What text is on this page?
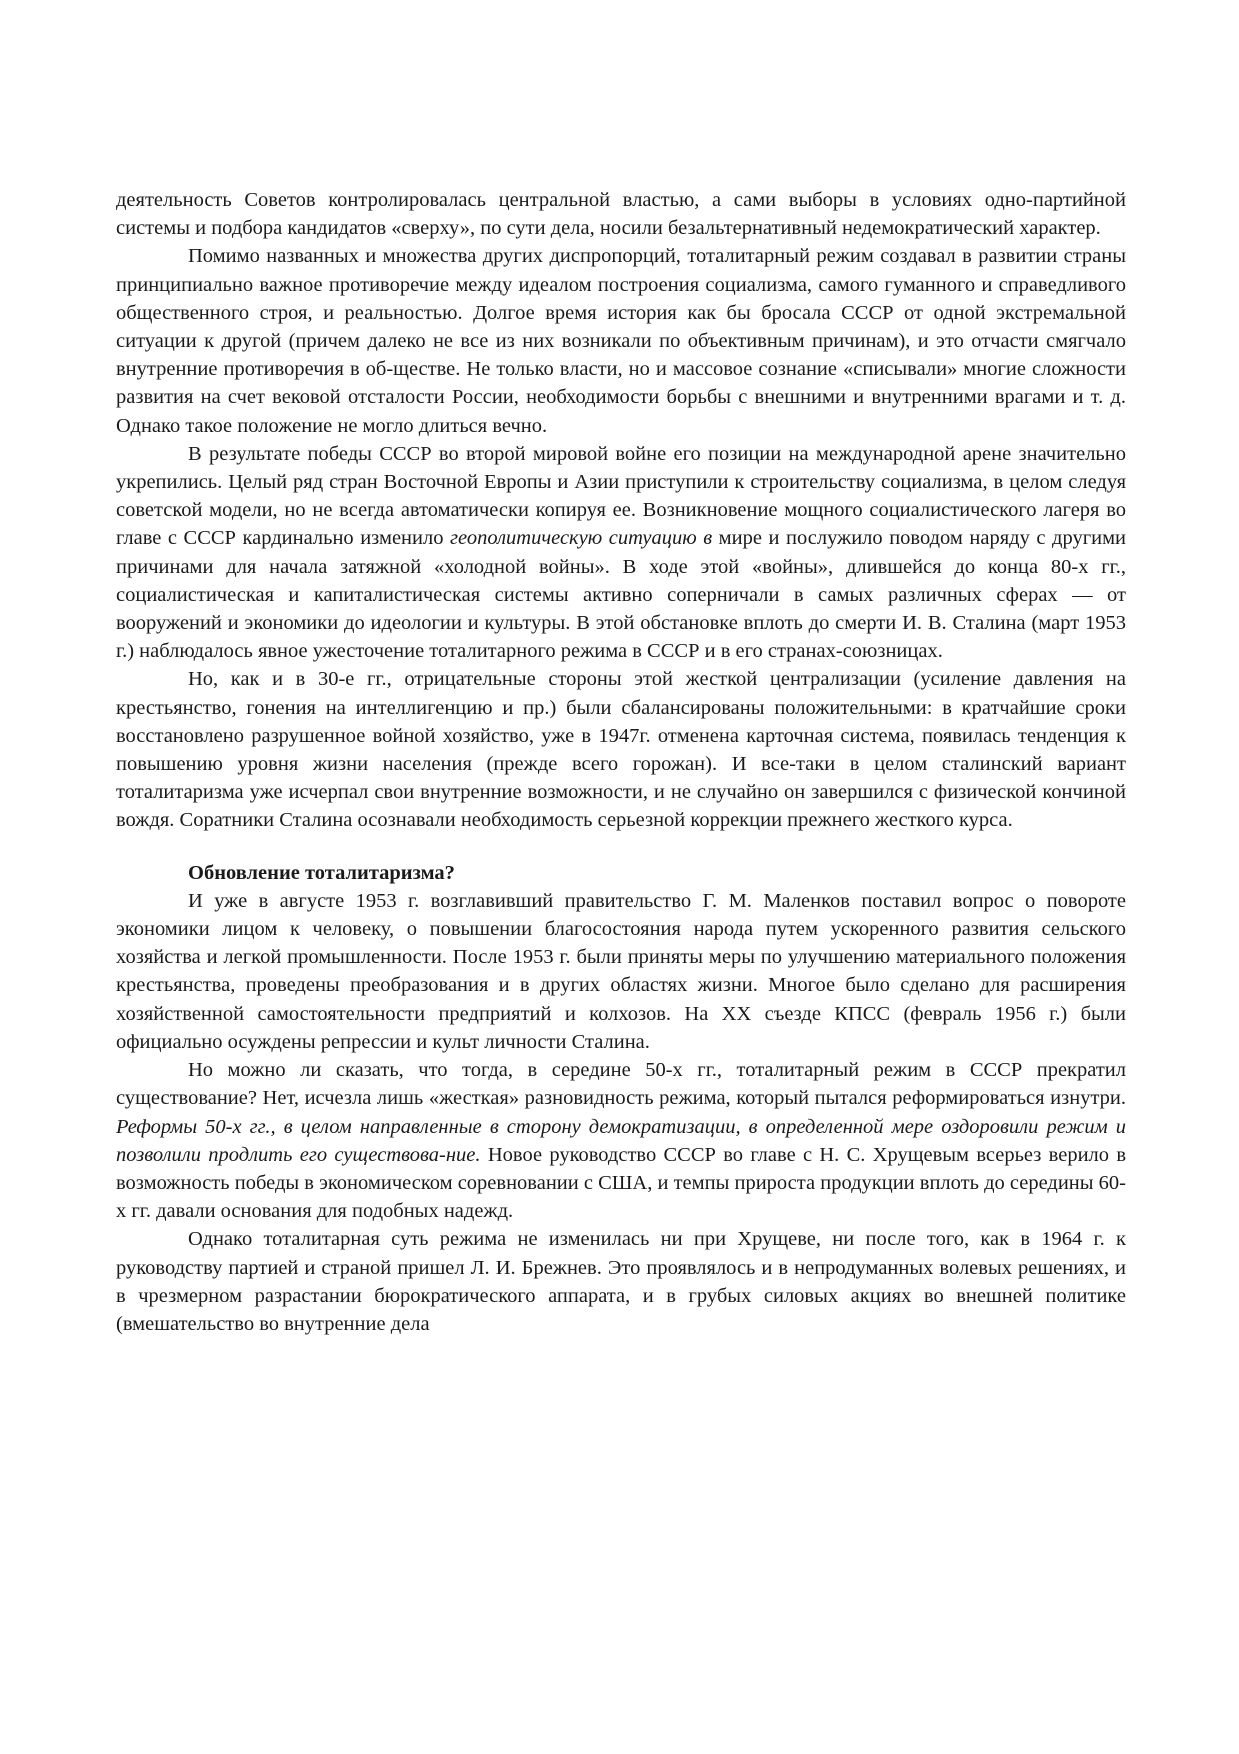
деятельность Советов контролировалась центральной властью, а сами выборы в условиях одно-партийной системы и подбора кандидатов «сверху», по сути дела, носили безальтернативный недемократический характер.

Помимо названных и множества других диспропорций, тоталитарный режим создавал в развитии страны принципиально важное противоречие между идеалом построения социализма, самого гуманного и справедливого общественного строя, и реальностью. Долгое время история как бы бросала СССР от одной экстремальной ситуации к другой (причем далеко не все из них возникали по объективным причинам), и это отчасти смягчало внутренние противоречия в об-ществе. Не только власти, но и массовое сознание «списывали» многие сложности развития на счет вековой отсталости России, необходимости борьбы с внешними и внутренними врагами и т. д. Однако такое положение не могло длиться вечно.

В результате победы СССР во второй мировой войне его позиции на международной арене значительно укрепились. Целый ряд стран Восточной Европы и Азии приступили к строительству социализма, в целом следуя советской модели, но не всегда автоматически копируя ее. Возникновение мощного социалистического лагеря во главе с СССР кардинально изменило геополитическую ситуацию в мире и послужило поводом наряду с другими причинами для начала затяжной «холодной войны». В ходе этой «войны», длившейся до конца 80-х гг., социалистическая и капиталистическая системы активно соперничали в самых различных сферах — от вооружений и экономики до идеологии и культуры. В этой обстановке вплоть до смерти И. В. Сталина (март 1953 г.) наблюдалось явное ужесточение тоталитарного режима в СССР и в его странах-союзницах.

Но, как и в 30-е гг., отрицательные стороны этой жесткой централизации (усиление давления на крестьянство, гонения на интеллигенцию и пр.) были сбалансированы положительными: в кратчайшие сроки восстановлено разрушенное войной хозяйство, уже в 1947г. отменена карточная система, появилась тенденция к повышению уровня жизни населения (прежде всего горожан). И все-таки в целом сталинский вариант тоталитаризма уже исчерпал свои внутренние возможности, и не случайно он завершился с физической кончиной вождя. Соратники Сталина осознавали необходимость серьезной коррекции прежнего жесткого курса.

Обновление тоталитаризма?

И уже в августе 1953 г. возглавивший правительство Г. М. Маленков поставил вопрос о повороте экономики лицом к человеку, о повышении благосостояния народа путем ускоренного развития сельского хозяйства и легкой промышленности. После 1953 г. были приняты меры по улучшению материального положения крестьянства, проведены преобразования и в других областях жизни. Многое было сделано для расширения хозяйственной самостоятельности предприятий и колхозов. На XX съезде КПСС (февраль 1956 г.) были официально осуждены репрессии и культ личности Сталина.

Но можно ли сказать, что тогда, в середине 50-х гг., тоталитарный режим в СССР прекратил существование? Нет, исчезла лишь «жесткая» разновидность режима, который пытался реформироваться изнутри. Реформы 50-х гг., в целом направленные в сторону демократизации, в определенной мере оздоровили режим и позволили продлить его существова-ние. Новое руководство СССР во главе с Н. С. Хрущевым всерьез верило в возможность победы в экономическом соревновании с США, и темпы прироста продукции вплоть до середины 60-х гг. давали основания для подобных надежд.

Однако тоталитарная суть режима не изменилась ни при Хрущеве, ни после того, как в 1964 г. к руководству партией и страной пришел Л. И. Брежнев. Это проявлялось и в непродуманных волевых решениях, и в чрезмерном разрастании бюрократического аппарата, и в грубых силовых акциях во внешней политике (вмешательство во внутренние дела
